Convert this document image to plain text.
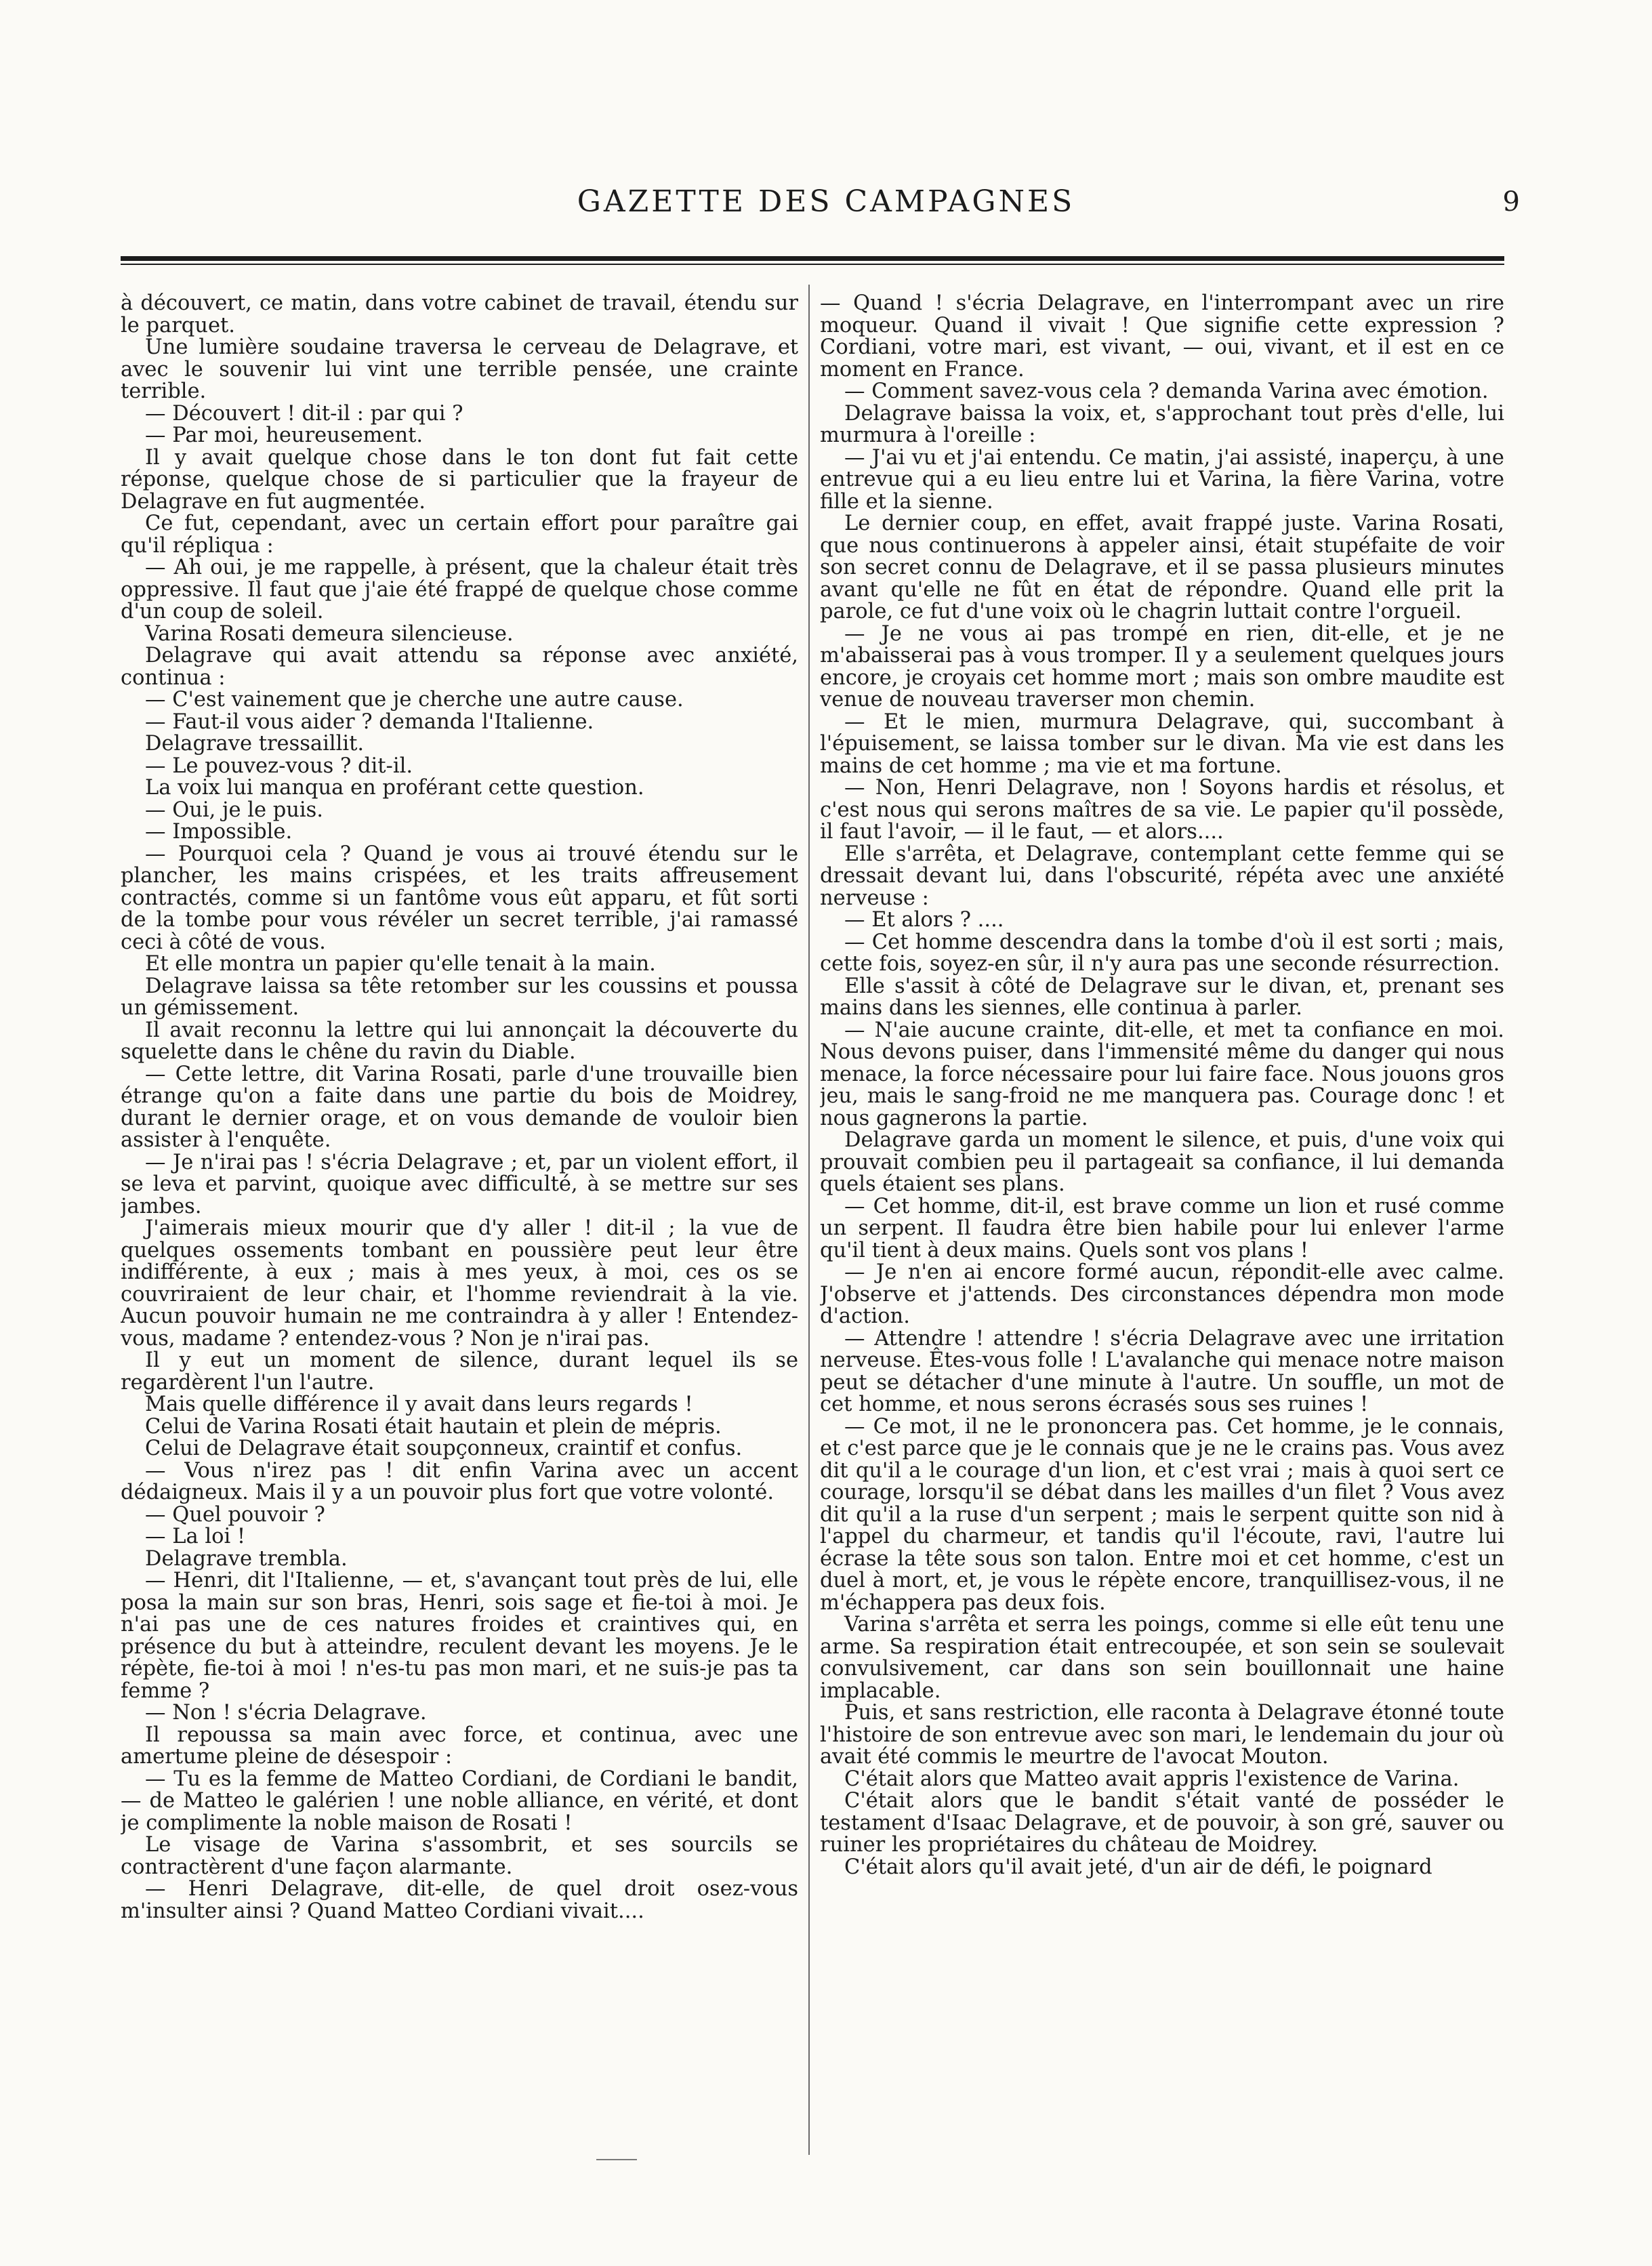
GAZETTE DES CAMPAGNES	9

à découvert, ce matin, dans votre cabinet de travail, étendu sur le parquet.

Une lumière soudaine traversa le cerveau de Delagrave, et avec le souvenir lui vint une terrible pensée, une crainte terrible.

— Découvert ! dit-il : par qui ?

— Par moi, heureusement.

Il y avait quelque chose dans le ton dont fut fait cette réponse, quelque chose de si particulier que la frayeur de Delagrave en fut augmentée.

Ce fut, cependant, avec un certain effort pour paraître gai qu'il répliqua :

— Ah oui, je me rappelle, à présent, que la chaleur était très oppressive. Il faut que j'aie été frappé de quelque chose comme d'un coup de soleil.

Varina Rosati demeura silencieuse.

Delagrave qui avait attendu sa réponse avec anxiété, continua :

— C'est vainement que je cherche une autre cause.

— Faut-il vous aider ? demanda l'Italienne.

Delagrave tressaillit.

— Le pouvez-vous ? dit-il.

La voix lui manqua en proférant cette question.

— Oui, je le puis.

— Impossible.

— Pourquoi cela ? Quand je vous ai trouvé étendu sur le plancher, les mains crispées, et les traits affreusement contractés, comme si un fantôme vous eût apparu, et fût sorti de la tombe pour vous révéler un secret terrible, j'ai ramassé ceci à côté de vous.

Et elle montra un papier qu'elle tenait à la main.

Delagrave laissa sa tête retomber sur les coussins et poussa un gémissement.

Il avait reconnu la lettre qui lui annonçait la découverte du squelette dans le chêne du ravin du Diable.

— Cette lettre, dit Varina Rosati, parle d'une trouvaille bien étrange qu'on a faite dans une partie du bois de Moidrey, durant le dernier orage, et on vous demande de vouloir bien assister à l'enquête.

— Je n'irai pas ! s'écria Delagrave ; et, par un violent effort, il se leva et parvint, quoique avec difficulté, à se mettre sur ses jambes.

J'aimerais mieux mourir que d'y aller ! dit-il ; la vue de quelques ossements tombant en poussière peut leur être indifférente, à eux ; mais à mes yeux, à moi, ces os se couvriraient de leur chair, et l'homme reviendrait à la vie. Aucun pouvoir humain ne me contraindra à y aller ! Entendez-vous, madame ? entendez-vous ? Non je n'irai pas.

Il y eut un moment de silence, durant lequel ils se regardèrent l'un l'autre.

Mais quelle différence il y avait dans leurs regards !

Celui de Varina Rosati était hautain et plein de mépris.

Celui de Delagrave était soupçonneux, craintif et confus.

— Vous n'irez pas ! dit enfin Varina avec un accent dédaigneux. Mais il y a un pouvoir plus fort que votre volonté.

— Quel pouvoir ?

— La loi !

Delagrave trembla.

— Henri, dit l'Italienne, — et, s'avançant tout près de lui, elle posa la main sur son bras, Henri, sois sage et fie-toi à moi. Je n'ai pas une de ces natures froides et craintives qui, en présence du but à atteindre, reculent devant les moyens. Je le répète, fie-toi à moi ! n'es-tu pas mon mari, et ne suis-je pas ta femme ?

— Non ! s'écria Delagrave.

Il repoussa sa main avec force, et continua, avec une amertume pleine de désespoir :

— Tu es la femme de Matteo Cordiani, de Cordiani le bandit, — de Matteo le galérien ! une noble alliance, en vérité, et dont je complimente la noble maison de Rosati !

Le visage de Varina s'assombrit, et ses sourcils se contractèrent d'une façon alarmante.

— Henri Delagrave, dit-elle, de quel droit osez-vous m'insulter ainsi ? Quand Matteo Cordiani vivait....

— Quand ! s'écria Delagrave, en l'interrompant avec un rire moqueur. Quand il vivait ! Que signifie cette expression ? Cordiani, votre mari, est vivant, — oui, vivant, et il est en ce moment en France.

— Comment savez-vous cela ? demanda Varina avec émotion.

Delagrave baissa la voix, et, s'approchant tout près d'elle, lui murmura à l'oreille :

— J'ai vu et j'ai entendu. Ce matin, j'ai assisté, inaperçu, à une entrevue qui a eu lieu entre lui et Varina, la fière Varina, votre fille et la sienne.

Le dernier coup, en effet, avait frappé juste. Varina Rosati, que nous continuerons à appeler ainsi, était stupéfaite de voir son secret connu de Delagrave, et il se passa plusieurs minutes avant qu'elle ne fût en état de répondre. Quand elle prit la parole, ce fut d'une voix où le chagrin luttait contre l'orgueil.

— Je ne vous ai pas trompé en rien, dit-elle, et je ne m'abaisserai pas à vous tromper. Il y a seulement quelques jours encore, je croyais cet homme mort ; mais son ombre maudite est venue de nouveau traverser mon chemin.

— Et le mien, murmura Delagrave, qui, succombant à l'épuisement, se laissa tomber sur le divan. Ma vie est dans les mains de cet homme ; ma vie et ma fortune.

— Non, Henri Delagrave, non ! Soyons hardis et résolus, et c'est nous qui serons maîtres de sa vie. Le papier qu'il possède, il faut l'avoir, — il le faut, — et alors....

Elle s'arrêta, et Delagrave, contemplant cette femme qui se dressait devant lui, dans l'obscurité, répéta avec une anxiété nerveuse :

— Et alors ? ....

— Cet homme descendra dans la tombe d'où il est sorti ; mais, cette fois, soyez-en sûr, il n'y aura pas une seconde résurrection.

Elle s'assit à côté de Delagrave sur le divan, et, prenant ses mains dans les siennes, elle continua à parler.

— N'aie aucune crainte, dit-elle, et met ta confiance en moi. Nous devons puiser, dans l'immensité même du danger qui nous menace, la force nécessaire pour lui faire face. Nous jouons gros jeu, mais le sang-froid ne me manquera pas. Courage donc ! et nous gagnerons la partie.

Delagrave garda un moment le silence, et puis, d'une voix qui prouvait combien peu il partageait sa confiance, il lui demanda quels étaient ses plans.

— Cet homme, dit-il, est brave comme un lion et rusé comme un serpent. Il faudra être bien habile pour lui enlever l'arme qu'il tient à deux mains. Quels sont vos plans !

— Je n'en ai encore formé aucun, répondit-elle avec calme. J'observe et j'attends. Des circonstances dépendra mon mode d'action.

— Attendre ! attendre ! s'écria Delagrave avec une irritation nerveuse. Êtes-vous folle ! L'avalanche qui menace notre maison peut se détacher d'une minute à l'autre. Un souffle, un mot de cet homme, et nous serons écrasés sous ses ruines !

— Ce mot, il ne le prononcera pas. Cet homme, je le connais, et c'est parce que je le connais que je ne le crains pas. Vous avez dit qu'il a le courage d'un lion, et c'est vrai ; mais à quoi sert ce courage, lorsqu'il se débat dans les mailles d'un filet ? Vous avez dit qu'il a la ruse d'un serpent ; mais le serpent quitte son nid à l'appel du charmeur, et tandis qu'il l'écoute, ravi, l'autre lui écrase la tête sous son talon. Entre moi et cet homme, c'est un duel à mort, et, je vous le répète encore, tranquillisez-vous, il ne m'échappera pas deux fois.

Varina s'arrêta et serra les poings, comme si elle eût tenu une arme. Sa respiration était entrecoupée, et son sein se soulevait convulsivement, car dans son sein bouillonnait une haine implacable.

Puis, et sans restriction, elle raconta à Delagrave étonné toute l'histoire de son entrevue avec son mari, le lendemain du jour où avait été commis le meurtre de l'avocat Mouton.

C'était alors que Matteo avait appris l'existence de Varina.

C'était alors que le bandit s'était vanté de posséder le testament d'Isaac Delagrave, et de pouvoir, à son gré, sauver ou ruiner les propriétaires du château de Moidrey.

C'était alors qu'il avait jeté, d'un air de défi, le poignard
